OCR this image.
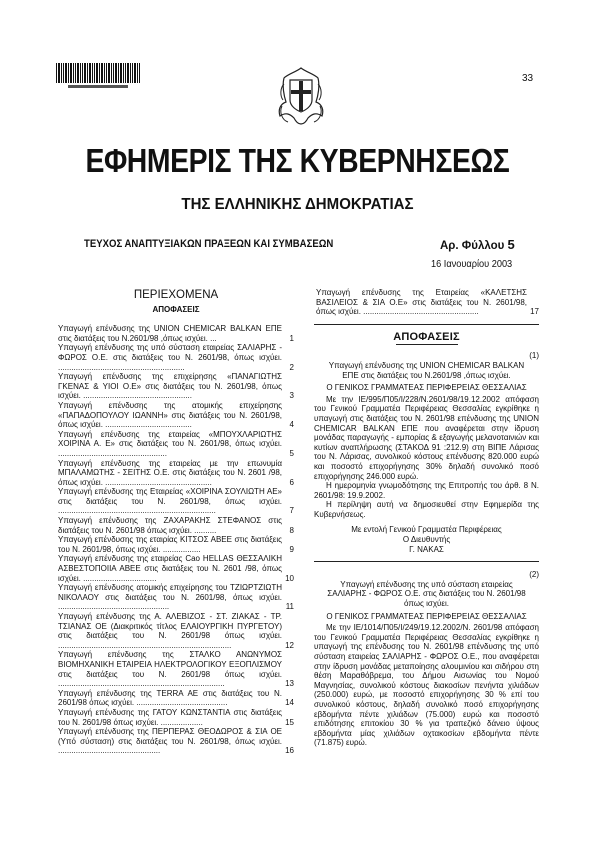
33
ΕΦΗΜΕΡΙΣ ΤΗΣ ΚΥΒΕΡΝΗΣΕΩΣ
ΤΗΣ ΕΛΛΗΝΙΚΗΣ ΔΗΜΟΚΡΑΤΙΑΣ
ΤΕΥΧΟΣ ΑΝΑΠΤΥΞΙΑΚΩΝ ΠΡΑΞΕΩΝ ΚΑΙ ΣΥΜΒΑΣΕΩΝ	Αρ. Φύλλου 5
16 Ιανουαρίου 2003
ΠΕΡΙΕΧΟΜΕΝΑ
ΑΠΟΦΑΣΕΙΣ
Υπαγωγή επένδυσης της UNION CHEMICAR BALKAN ΕΠΕ στις διατάξεις του Ν.2601/98 ,όπως ισχύει. ...	1
Υπαγωγή επένδυσης της υπό σύσταση εταιρείας ΣΑΛΙΑΡΗΣ - ΦΩΡΟΣ Ο.Ε. στις διατάξεις του Ν. 2601/98, όπως ισχύει. .........................................................	2
Υπαγωγή επένδυσης της επιχείρησης «ΠΑΝΑΓΙΩΤΗΣ ΓΚΕΝΑΣ & ΥΙΟΙ Ο.Ε» στις διατάξεις του Ν. 2601/98, όπως ισχύει. .................................................	3
Υπαγωγή επένδυσης της ατομικής επιχείρησης «ΠΑΠΑΔΟΠΟΥΛΟΥ ΙΩΑΝΝΗ» στις διατάξεις του Ν. 2601/98, όπως ισχύει. .......................................	4
Υπαγωγή επένδυσης της εταιρείας «ΜΠΟΥΧΛΑΡΙΩΤΗΣ ΧΟΙΡΙΝΑ Α. Ε» στις διατάξεις του Ν. 2601/98, όπως ισχύει. .................................................	5
Υπαγωγή επένδυσης της εταιρείας με την επωνυμία ΜΠΑΛΑΜΩΤΗΣ - ΣΕΙΤΗΣ Ο.Ε. στις διατάξεις του Ν. 2601 /98, όπως ισχύει. ................................................	6
Υπαγωγή επένδυσης της Εταιρείας «ΧΟΙΡΙΝΑ ΣΟΥΛΙΩΤΗ ΑΕ» στις διατάξεις του Ν. 2601/98, όπως ισχύει. .......................................................................	7
Υπαγωγή επένδυσης της ΖΑΧΑΡΑΚΗΣ ΣΤΕΦΑΝΟΣ στις διατάξεις του Ν. 2601/98 όπως ισχύει. ..........	8
Υπαγωγή επένδυσης της εταιρίας ΚΙΤΣΟΣ ΑΒΕΕ στις διατάξεις του Ν. 2601/98, όπως ισχύει. .................	9
Υπαγωγή επένδυσης της εταιρείας Cao HELLAS ΘΕΣΣΑΛΙΚΗ ΑΣΒΕΣΤΟΠΟΙΙΑ ΑΒΕΕ στις διατάξεις του Ν. 2601 /98, όπως ισχύει. .................................	10
Υπαγωγή επένδυσης ατομικής επιχείρησης του ΤΖΙΩΡΤΖΙΩΤΗ ΝΙΚΟΛΑΟΥ στις διατάξεις του Ν. 2601/98, όπως ισχύει. ..................................................	11
Υπαγωγή επένδυσης της Α. ΑΛΕΒΙΖΟΣ - ΣΤ. ΖΙΑΚΑΣ - ΤΡ. ΤΣΙΑΝΑΣ ΟΕ (Διακριτικός τίτλος ΕΛΑΙΟΥΡΓΙΚΗ ΠΥΡΓΕΤΟΥ) στις διατάξεις του Ν. 2601/98 όπως ισχύει. ..............................................................................	12
Υπαγωγή επένδυσης της ΣΤΑΛΚΟ ΑΝΩΝΥΜΟΣ ΒΙΟΜΗΧΑΝΙΚΗ ΕΤΑΙΡΕΙΑ ΗΛΕΚΤΡΟΛΟΓΙΚΟΥ ΕΞΟΠΛΙΣΜΟΥ στις διατάξεις του Ν. 2601/98 όπως ισχύει. ...........................................................................	13
Υπαγωγή επένδυσης της TERRA AE στις διατάξεις του Ν. 2601/98 όπως ισχύει. .........................................	14
Υπαγωγή επένδυσης της ΓΑΤΟΥ ΚΩΝΣΤΑΝΤΙΑ στις διατάξεις του Ν. 2601/98 όπως ισχύει. ...................	15
Υπαγωγή επένδυσης της ΠΕΡΠΕΡΑΣ ΘΕΟΔΩΡΟΣ & ΣΙΑ ΟΕ (Υπό σύσταση) στις διατάξεις του Ν. 2601/98, όπως ισχύει. ..............................................	16
Υπαγωγή επένδυσης της Εταιρείας «ΚΑΛΕΤΣΗΣ ΒΑΣΙΛΕΙΟΣ & ΣΙΑ Ο.Ε» στις διατάξεις του Ν. 2601/98, όπως ισχύει. ....................................................	17
ΑΠΟΦΑΣΕΙΣ
(1)
Υπαγωγή επένδυσης της UNION CHEMICAR BALKAN ΕΠΕ στις διατάξεις του Ν.2601/98 ,όπως ισχύει.
Ο ΓΕΝΙΚΟΣ ΓΡΑΜΜΑΤΕΑΣ ΠΕΡΙΦΕΡΕΙΑΣ ΘΕΣΣΑΛΙΑΣ
Με την ΙΕ/995/Π05/Ι/228/Ν.2601/98/19.12.2002 απόφαση του Γενικού Γραμματέα Περιφέρειας Θεσσαλίας εγκρίθηκε η υπαγωγή στις διατάξεις του Ν. 2601/98 επένδυσης της UNION CHEMICAR BALKAN ΕΠΕ που αναφέρεται στην ίδρυση μονάδας παραγωγής - εμπορίας & εξαγωγής μελανοταινιών και κυτίων αναπλήρωσης (ΣΤΑΚΟΔ 91 :212.9) στη ΒΙΠΕ Λάρισας του Ν. Λάρισας, συνολικού κόστους επένδυσης 820.000 ευρώ και ποσοστό επιχορήγησης 30% δηλαδή συνολικό ποσό επιχορήγησης 246.000 ευρώ.
Η ημερομηνία γνωμοδότησης της Επιτροπής του άρθ. 8 Ν. 2601/98: 19.9.2002.
Η περίληψη αυτή να δημοσιευθεί στην Εφημερίδα της Κυβερνήσεως.
Με εντολή Γενικού Γραμματέα Περιφέρειας
Ο Διευθυντής
Γ. ΝΑΚΑΣ
(2)
Υπαγωγή επένδυσης της υπό σύσταση εταιρείας ΣΑΛΙΑΡΗΣ - ΦΩΡΟΣ Ο.Ε. στις διατάξεις του Ν. 2601/98 όπως ισχύει.
Ο ΓΕΝΙΚΟΣ ΓΡΑΜΜΑΤΕΑΣ ΠΕΡΙΦΕΡΕΙΑΣ ΘΕΣΣΑΛΙΑΣ
Με την ΙΕ/1014/Π05/Ι/249/19.12.2002/Ν. 2601/98 απόφαση του Γενικού Γραμματέα Περιφέρειας Θεσσαλίας εγκρίθηκε η υπαγωγή της επένδυσης του Ν. 2601/98 επένδυσης της υπό σύσταση εταιρείας ΣΑΛΙΑΡΗΣ - ΦΩΡΟΣ Ο.Ε., που αναφέρεται στην ίδρυση μονάδας μεταποίησης αλουμινίου και σιδήρου στη θέση Μαραθόβρεμα, του Δήμου Αισωνίας του Νομού Μαγνησίας, συνολικού κόστους διακοσίων πενήντα χιλιάδων (250.000) ευρώ, με ποσοστό επιχορήγησης 30 % επί του συνολικού κόστους, δηλαδή συνολικό ποσό επιχορήγησης εβδομήντα πέντε χιλιάδων (75.000) ευρώ και ποσοστό επιδότησης επιτοκίου 30 % για τραπεζικό δάνειο ύψους εβδομήντα μίας χιλιάδων οχτακοσίων εβδομήντα πέντε (71.875) ευρώ.
